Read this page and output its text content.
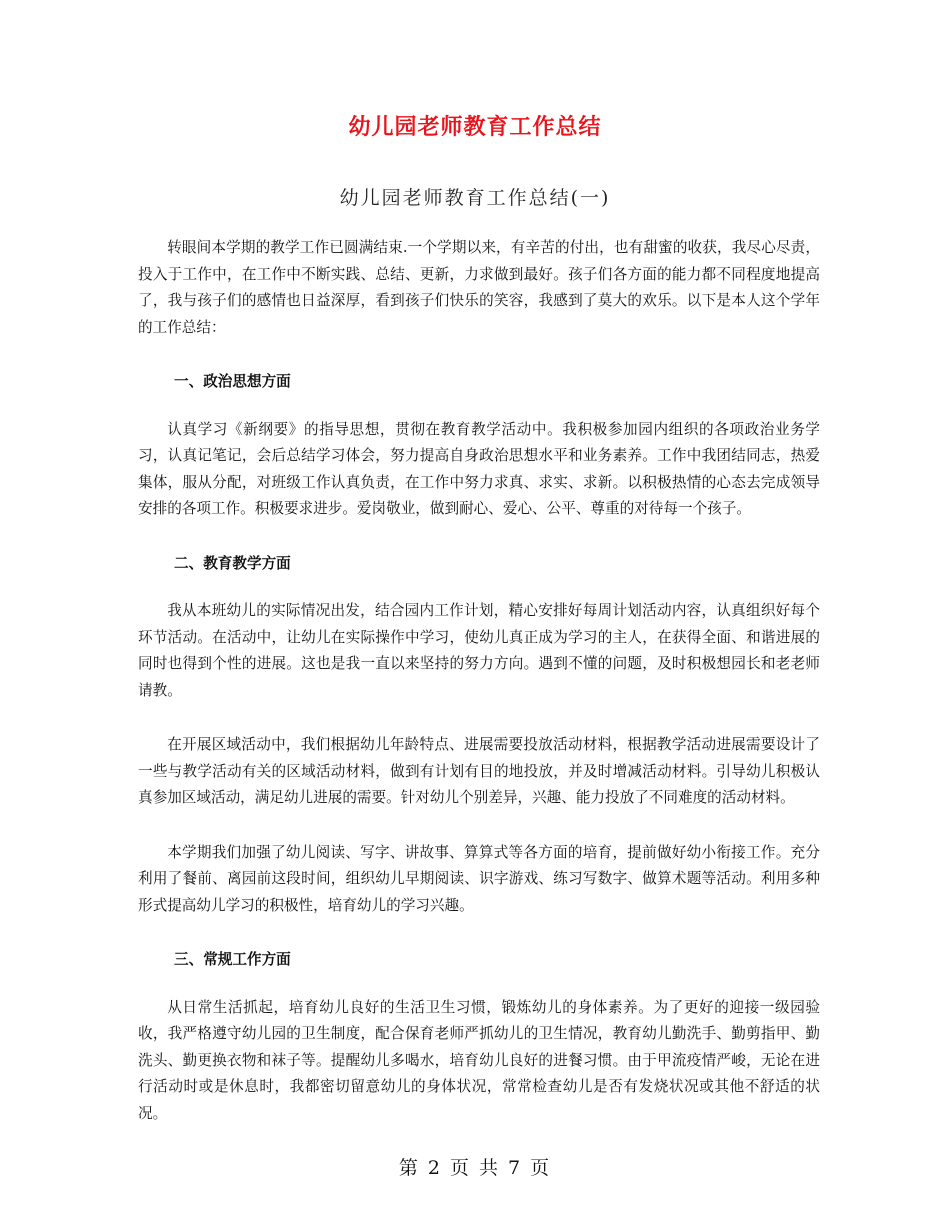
幼儿园老师教育工作总结
幼儿园老师教育工作总结(一)

转眼间本学期的教学工作已圆满结束.一个学期以来，有辛苦的付出，也有甜蜜的收获，我尽心尽责，投入于工作中，在工作中不断实践、总结、更新，力求做到最好。孩子们各方面的能力都不同程度地提高了，我与孩子们的感情也日益深厚，看到孩子们快乐的笑容，我感到了莫大的欢乐。以下是本人这个学年的工作总结：

一、政治思想方面

认真学习《新纲要》的指导思想，贯彻在教育教学活动中。我积极参加园内组织的各项政治业务学习，认真记笔记，会后总结学习体会，努力提高自身政治思想水平和业务素养。工作中我团结同志，热爱集体，服从分配，对班级工作认真负责，在工作中努力求真、求实、求新。以积极热情的心态去完成领导安排的各项工作。积极要求进步。爱岗敬业，做到耐心、爱心、公平、尊重的对待每一个孩子。

二、教育教学方面

我从本班幼儿的实际情况出发，结合园内工作计划，精心安排好每周计划活动内容，认真组织好每个环节活动。在活动中，让幼儿在实际操作中学习，使幼儿真正成为学习的主人，在获得全面、和谐进展的同时也得到个性的进展。这也是我一直以来坚持的努力方向。遇到不懂的问题，及时积极想园长和老老师请教。

在开展区域活动中，我们根据幼儿年龄特点、进展需要投放活动材料，根据教学活动进展需要设计了一些与教学活动有关的区域活动材料，做到有计划有目的地投放，并及时增减活动材料。引导幼儿积极认真参加区域活动，满足幼儿进展的需要。针对幼儿个别差异，兴趣、能力投放了不同难度的活动材料。

本学期我们加强了幼儿阅读、写字、讲故事、算算式等各方面的培育，提前做好幼小衔接工作。充分利用了餐前、离园前这段时间，组织幼儿早期阅读、识字游戏、练习写数字、做算术题等活动。利用多种形式提高幼儿学习的积极性，培育幼儿的学习兴趣。

三、常规工作方面

从日常生活抓起，培育幼儿良好的生活卫生习惯，锻炼幼儿的身体素养。为了更好的迎接一级园验收，我严格遵守幼儿园的卫生制度，配合保育老师严抓幼儿的卫生情况，教育幼儿勤洗手、勤剪指甲、勤洗头、勤更换衣物和袜子等。提醒幼儿多喝水，培育幼儿良好的进餐习惯。由于甲流疫情严峻，无论在进行活动时或是休息时，我都密切留意幼儿的身体状况，常常检查幼儿是否有发烧状况或其他不舒适的状况。

第 2 页 共 7 页
